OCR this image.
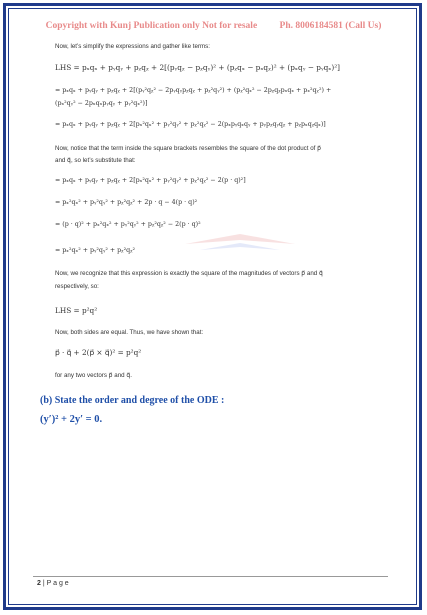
Copyright with Kunj Publication only Not for resale Ph. 8006184581 (Call Us)
Now, let’s simplify the expressions and gather like terms:
LHS = pₓqₓ + pᵧqᵧ + pᵪqᵪ + 2[(pᵧqᵪ − pᵪqᵧ)² + (pᵪqₓ − pₓqᵪ)² + (pₓqᵧ − pᵧqₓ)²]
= pₓqₓ + pᵧqᵧ + pᵪqᵪ + 2[(pᵧ²qᵪ² − 2pᵧqᵧpᵪqᵪ + pᵪ²qᵧ²) + (pᵪ²qₓ² − 2pᵪqᵪpₓqₓ + pₓ²qᵪ²) +
(pₓ²qᵧ² − 2pₓqₓpᵧqᵧ + pᵧ²qₓ²)]
= pₓqₓ + pᵧqᵧ + pᵪqᵪ + 2[pₓ²qₓ² + pᵧ²qᵧ² + pᵪ²qᵪ² − 2(pₓpᵧqₓqᵧ + pᵧpᵪqᵧqᵪ + pᵪpₓqᵪqₓ)]
Now, notice that the term inside the square brackets resembles the square of the dot product of p⃗
and q⃗, so let’s substitute that:
= pₓqₓ + pᵧqᵧ + pᵪqᵪ + 2[pₓ²qₓ² + pᵧ²qᵧ² + pᵪ²qᵪ² − 2(p · q)²]
= pₓ²qₓ² + pᵧ²qᵧ² + pᵪ²qᵪ² + 2p · q − 4(p · q)²
= (p · q)² + pₓ²qₓ² + pᵧ²qᵧ² + pᵪ²qᵪ² − 2(p · q)²
= pₓ²qₓ² + pᵧ²qᵧ² + pᵪ²qᵪ²
Now, we recognize that this expression is exactly the square of the magnitudes of vectors p⃗ and q⃗
respectively, so:
LHS = p²q²
Now, both sides are equal. Thus, we have shown that:
p⃗ · q⃗ + 2(p⃗ × q⃗)² = p²q²
for any two vectors p⃗ and q⃗.
(b) State the order and degree of the ODE :
(y′)² + 2y′ = 0.
2 | P a g e
